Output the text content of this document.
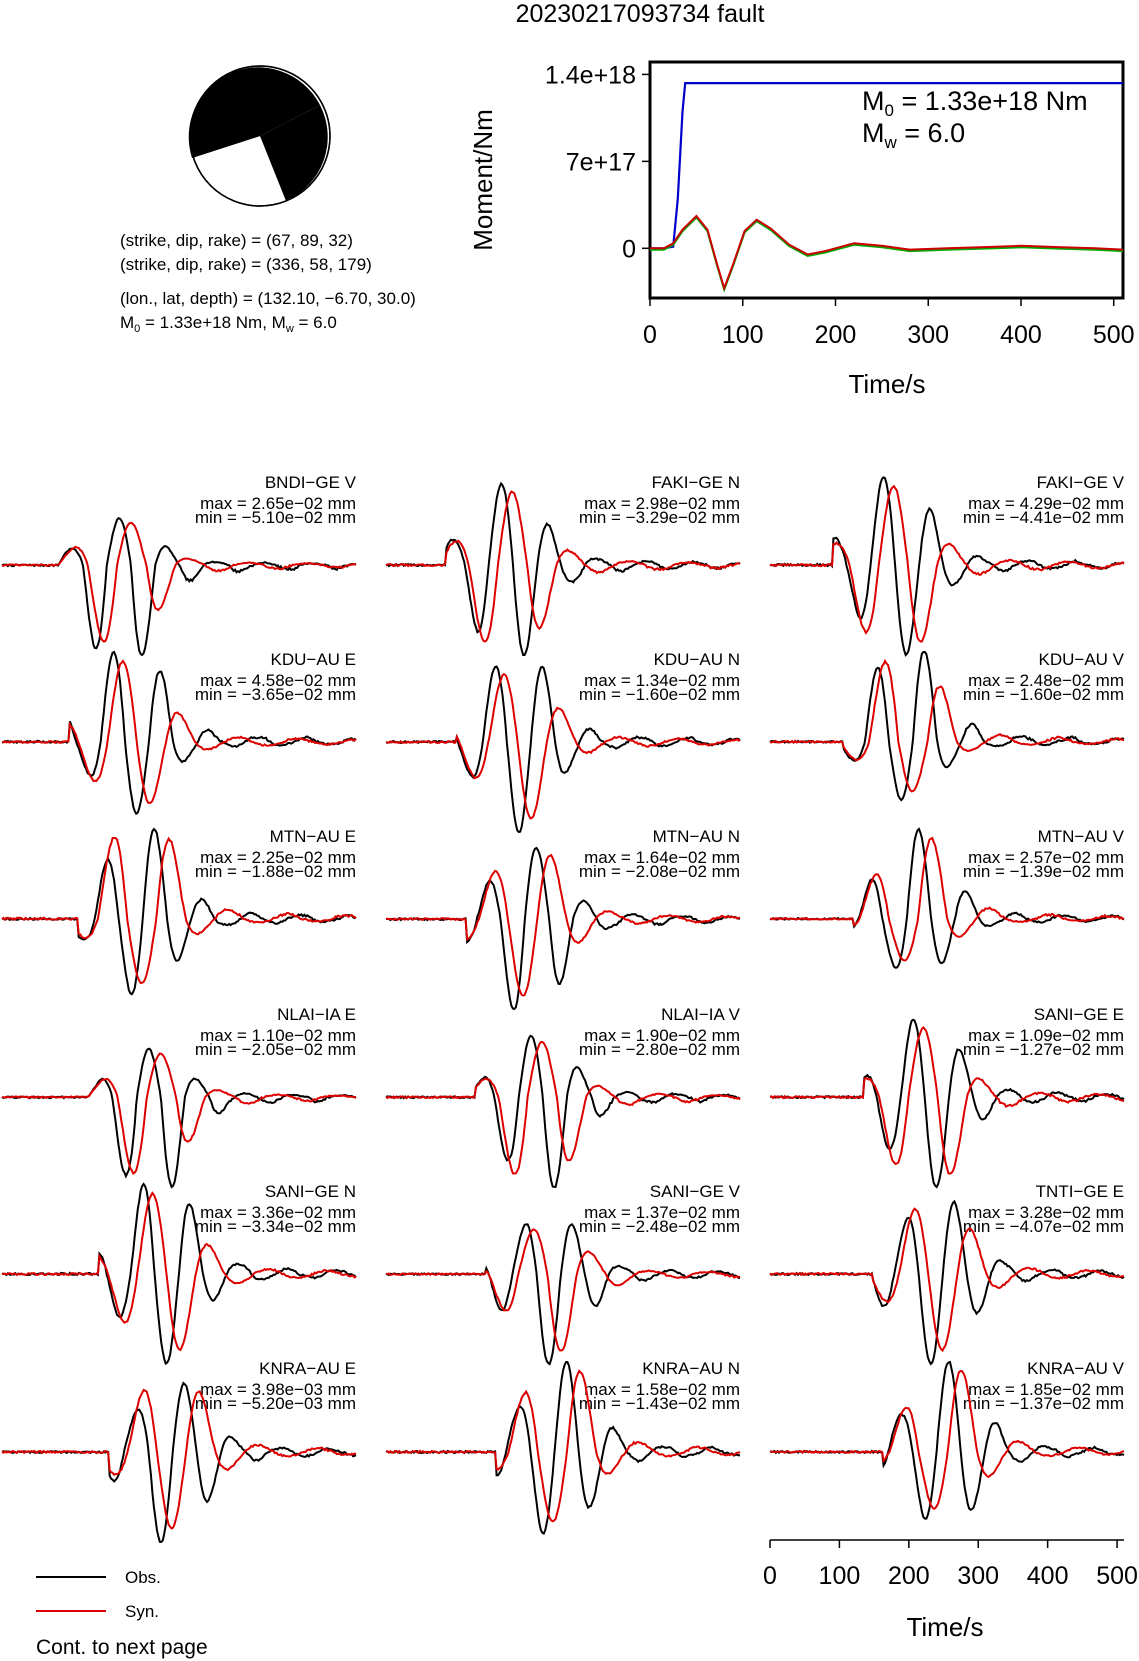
20230217093734 fault
(strike, dip, rake) = (67, 89, 32)
(strike, dip, rake) = (336, 58, 179)
(lon., lat, depth) = (132.10, −6.70, 30.0)
$M_0 = 1.33e+18$ Nm, $M_w = 6.0$
1.4e+18
7e+17
0
0	100 200 300 400 500
Moment/Nm
Time/s
$M_0 = 1.33e+18$ Nm
$M_w = 6.0$
BNDI−GE V
max = 2.65e−02 mm
min = −5.10e−02 mm
FAKI−GE N
max = 2.98e−02 mm
min = −3.29e−02 mm
FAKI−GE V
max = 4.29e−02 mm
min = −4.41e−02 mm
KDU−AU E
max = 4.58e−02 mm
min = −3.65e−02 mm
KDU−AU N
max = 1.34e−02 mm
min = −1.60e−02 mm
KDU−AU V
max = 2.48e−02 mm
min = −1.60e−02 mm
MTN−AU E
max = 2.25e−02 mm
min = −1.88e−02 mm
MTN−AU N
max = 1.64e−02 mm
min = −2.08e−02 mm
MTN−AU V
max = 2.57e−02 mm
min = −1.39e−02 mm
NLAI−IA E
max = 1.10e−02 mm
min = −2.05e−02 mm
NLAI−IA V
max = 1.90e−02 mm
min = −2.80e−02 mm
SANI−GE E
max = 1.09e−02 mm
min = −1.27e−02 mm
SANI−GE N
max = 3.36e−02 mm
min = −3.34e−02 mm
SANI−GE V
max = 1.37e−02 mm
min = −2.48e−02 mm
TNTI−GE E
max = 3.28e−02 mm
min = −4.07e−02 mm
KNRA−AU E
max = 3.98e−03 mm
min = −5.20e−03 mm
KNRA−AU N
max = 1.58e−02 mm
min = −1.43e−02 mm
KNRA−AU V
max = 1.85e−02 mm
min = −1.37e−02 mm
0 100 200 300 400 500
Time/s
Obs.
Syn.
Cont. to next page
